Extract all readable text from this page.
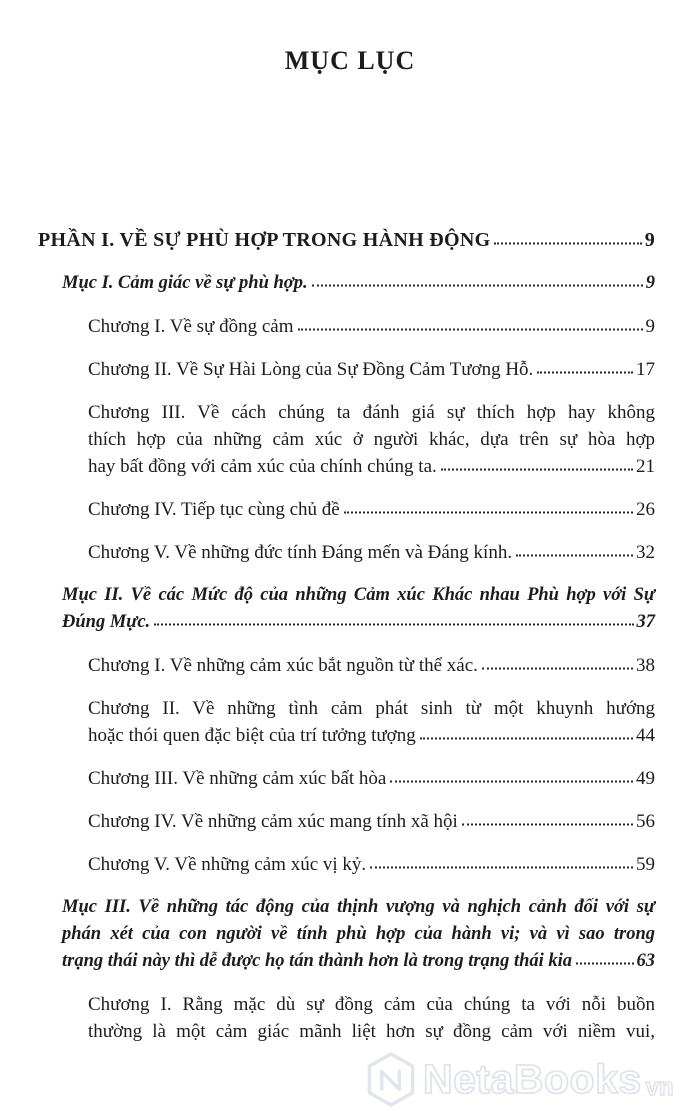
MỤC LỤC
PHẦN I. VỀ SỰ PHÙ HỢP TRONG HÀNH ĐỘNG	9
Mục I. Cảm giác về sự phù hợp.	9
Chương I. Về sự đồng cảm	9
Chương II. Về Sự Hài Lòng của Sự Đồng Cảm Tương Hỗ.	17
Chương III. Về cách chúng ta đánh giá sự thích hợp hay không
thích hợp của những cảm xúc ở người khác, dựa trên sự hòa hợp
hay bất đồng với cảm xúc của chính chúng ta.	21
Chương IV. Tiếp tục cùng chủ đề	26
Chương V. Về những đức tính Đáng mến và Đáng kính.	32
Mục II. Về các Mức độ của những Cảm xúc Khác nhau Phù hợp với Sự
Đúng Mực.	37
Chương I. Về những cảm xúc bắt nguồn từ thể xác.	38
Chương II. Về những tình cảm phát sinh từ một khuynh hướng
hoặc thói quen đặc biệt của trí tưởng tượng	44
Chương III. Về những cảm xúc bất hòa	49
Chương IV. Về những cảm xúc mang tính xã hội	56
Chương V. Về những cảm xúc vị kỷ.	59
Mục III. Về những tác động của thịnh vượng và nghịch cảnh đối với sự
phán xét của con người về tính phù hợp của hành vi; và vì sao trong
trạng thái này thì dễ được họ tán thành hơn là trong trạng thái kia	63
Chương I. Rằng mặc dù sự đồng cảm của chúng ta với nỗi buồn
thường là một cảm giác mãnh liệt hơn sự đồng cảm với niềm vui,
NetaBooks vn
